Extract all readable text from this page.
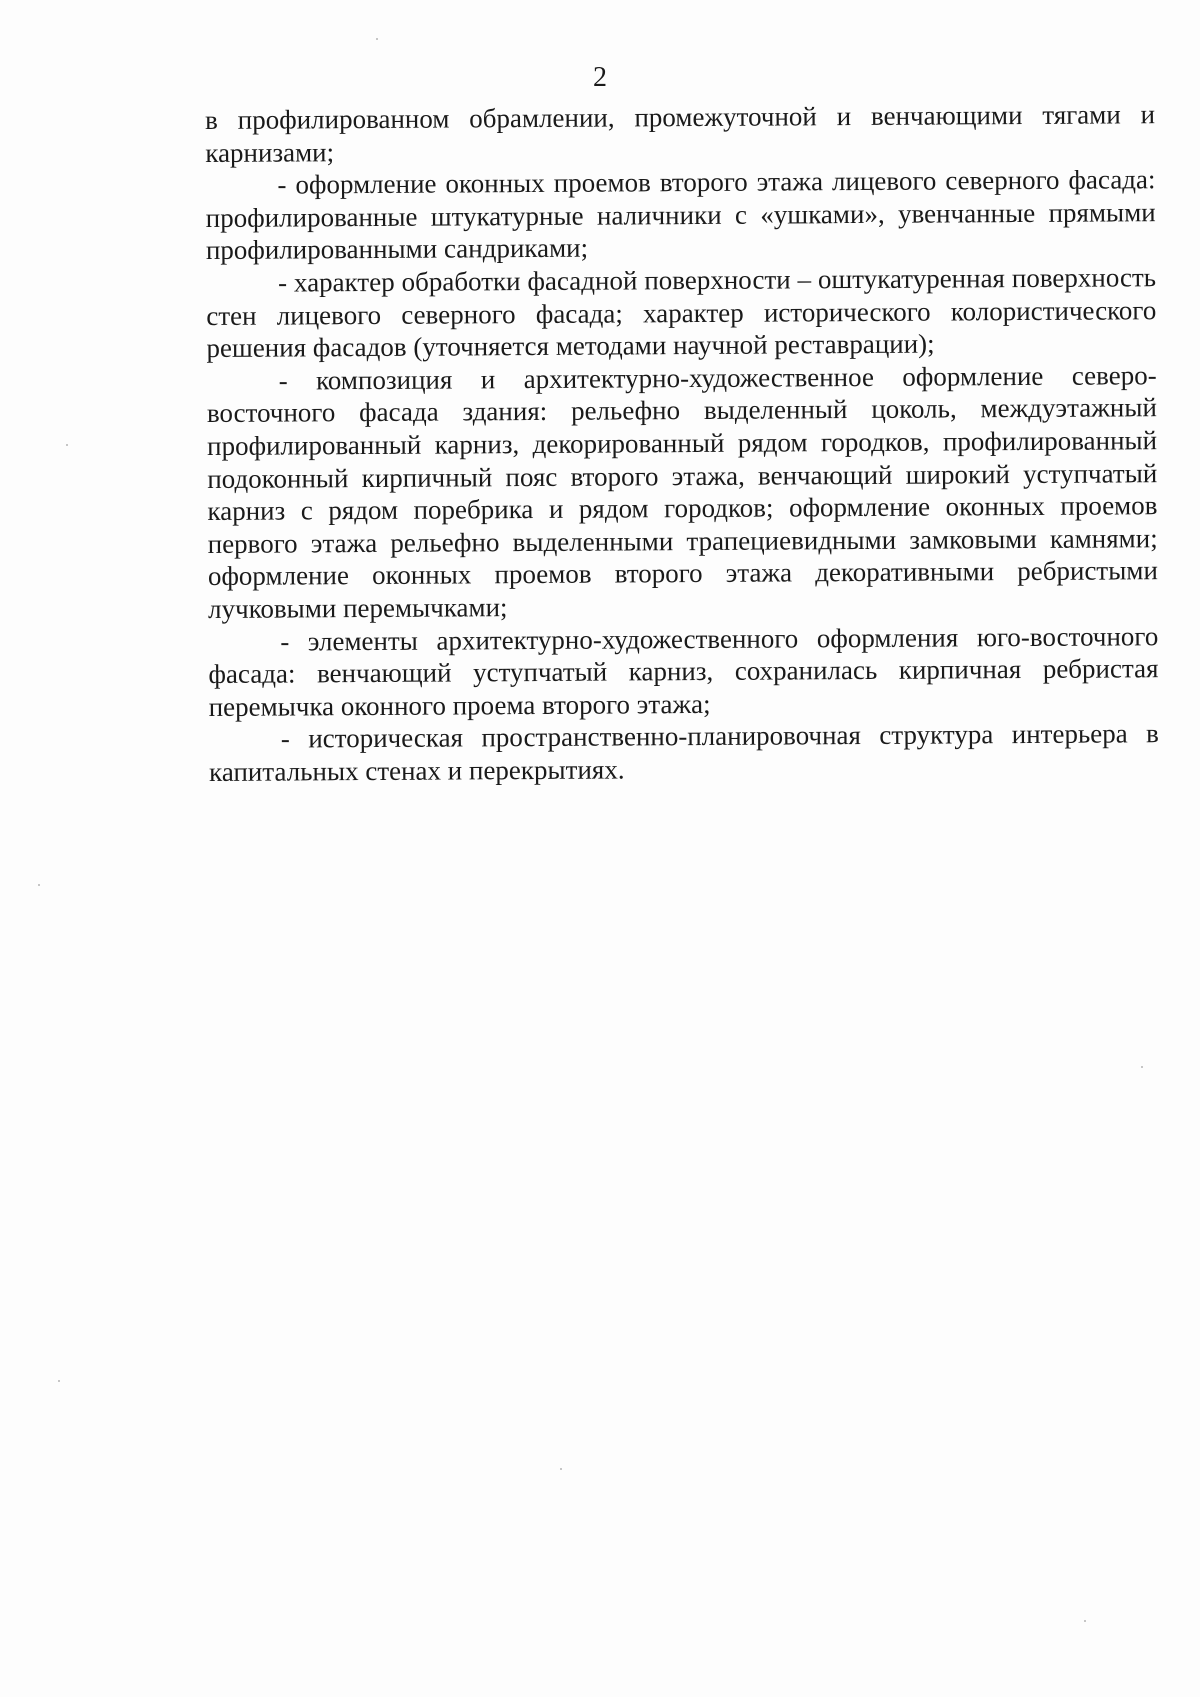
2

в профилированном обрамлении, промежуточной и венчающими тягами и карнизами;

- оформление оконных проемов второго этажа лицевого северного фасада: профилированные штукатурные наличники с «ушками», увенчанные прямыми профилированными сандриками;

- характер обработки фасадной поверхности – оштукатуренная поверхность стен лицевого северного фасада; характер исторического колористического решения фасадов (уточняется методами научной реставрации);

- композиция и архитектурно-художественное оформление северо-восточного фасада здания: рельефно выделенный цоколь, междуэтажный профилированный карниз, декорированный рядом городков, профилированный подоконный кирпичный пояс второго этажа, венчающий широкий уступчатый карниз с рядом поребрика и рядом городков; оформление оконных проемов первого этажа рельефно выделенными трапециевидными замковыми камнями; оформление оконных проемов второго этажа декоративными ребристыми лучковыми перемычками;

- элементы архитектурно-художественного оформления юго-восточного фасада: венчающий уступчатый карниз, сохранилась кирпичная ребристая перемычка оконного проема второго этажа;

- историческая пространственно-планировочная структура интерьера в капитальных стенах и перекрытиях.
